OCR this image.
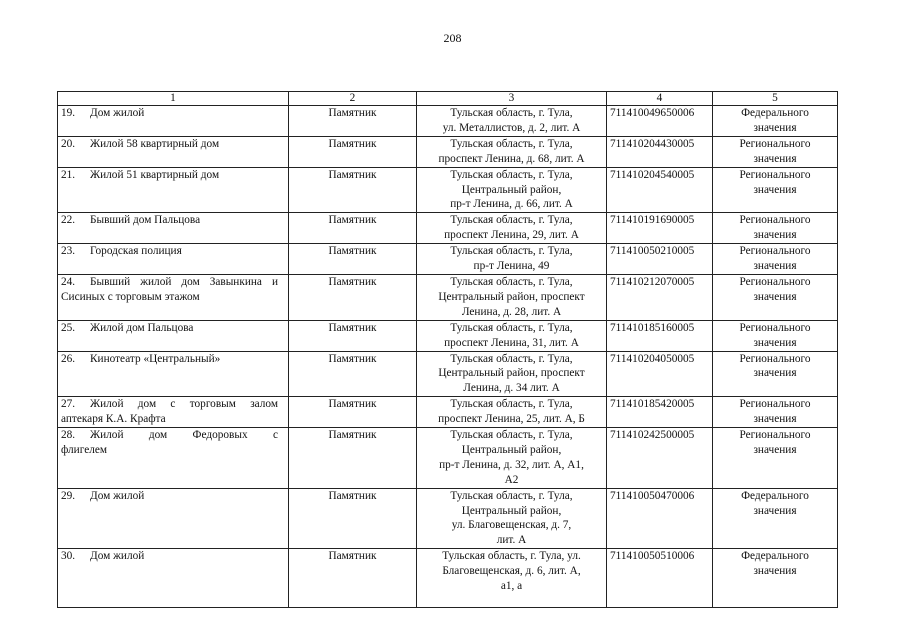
208
1	2	3	4	5

19. Дом жилой	Памятник	Тульская область, г. Тула,
ул. Металлистов, д. 2, лит. А	711410049650006	Федерального
значения

20. Жилой 58 квартирный дом	Памятник	Тульская область, г. Тула,
проспект Ленина, д. 68, лит. А	711410204430005	Регионального
значения

21. Жилой 51 квартирный дом	Памятник	Тульская область, г. Тула,
Центральный район,
пр-т Ленина, д. 66, лит. А	711410204540005	Регионального
значения

22. Бывший дом Пальцова	Памятник	Тульская область, г. Тула,
проспект Ленина, 29, лит. А	711410191690005	Регионального
значения

23. Городская полиция	Памятник	Тульская область, г. Тула,
пр-т Ленина, 49	711410050210005	Регионального
значения

24. Бывший жилой дом Завынкина и
Сисиных с торговым этажом	Памятник	Тульская область, г. Тула,
Центральный район, проспект
Ленина, д. 28, лит. А	711410212070005	Регионального
значения

25. Жилой дом Пальцова	Памятник	Тульская область, г. Тула,
проспект Ленина, 31, лит. А	711410185160005	Регионального
значения

26. Кинотеатр «Центральный»	Памятник	Тульская область, г. Тула,
Центральный район, проспект
Ленина, д. 34 лит. А	711410204050005	Регионального
значения

27. Жилой дом с торговым залом
аптекаря К.А. Крафта	Памятник	Тульская область, г. Тула,
проспект Ленина, 25, лит. А, Б	711410185420005	Регионального
значения

28. Жилой дом Федоровых с
флигелем	Памятник	Тульская область, г. Тула,
Центральный район,
пр-т Ленина, д. 32, лит. А, А1,
А2	711410242500005	Регионального
значения

29. Дом жилой	Памятник	Тульская область, г. Тула,
Центральный район,
ул. Благовещенская, д. 7,
лит. А	711410050470006	Федерального
значения

30. Дом жилой	Памятник	Тульская область, г. Тула, ул.
Благовещенская, д. 6, лит. А,
а1, а	711410050510006	Федерального
значения
